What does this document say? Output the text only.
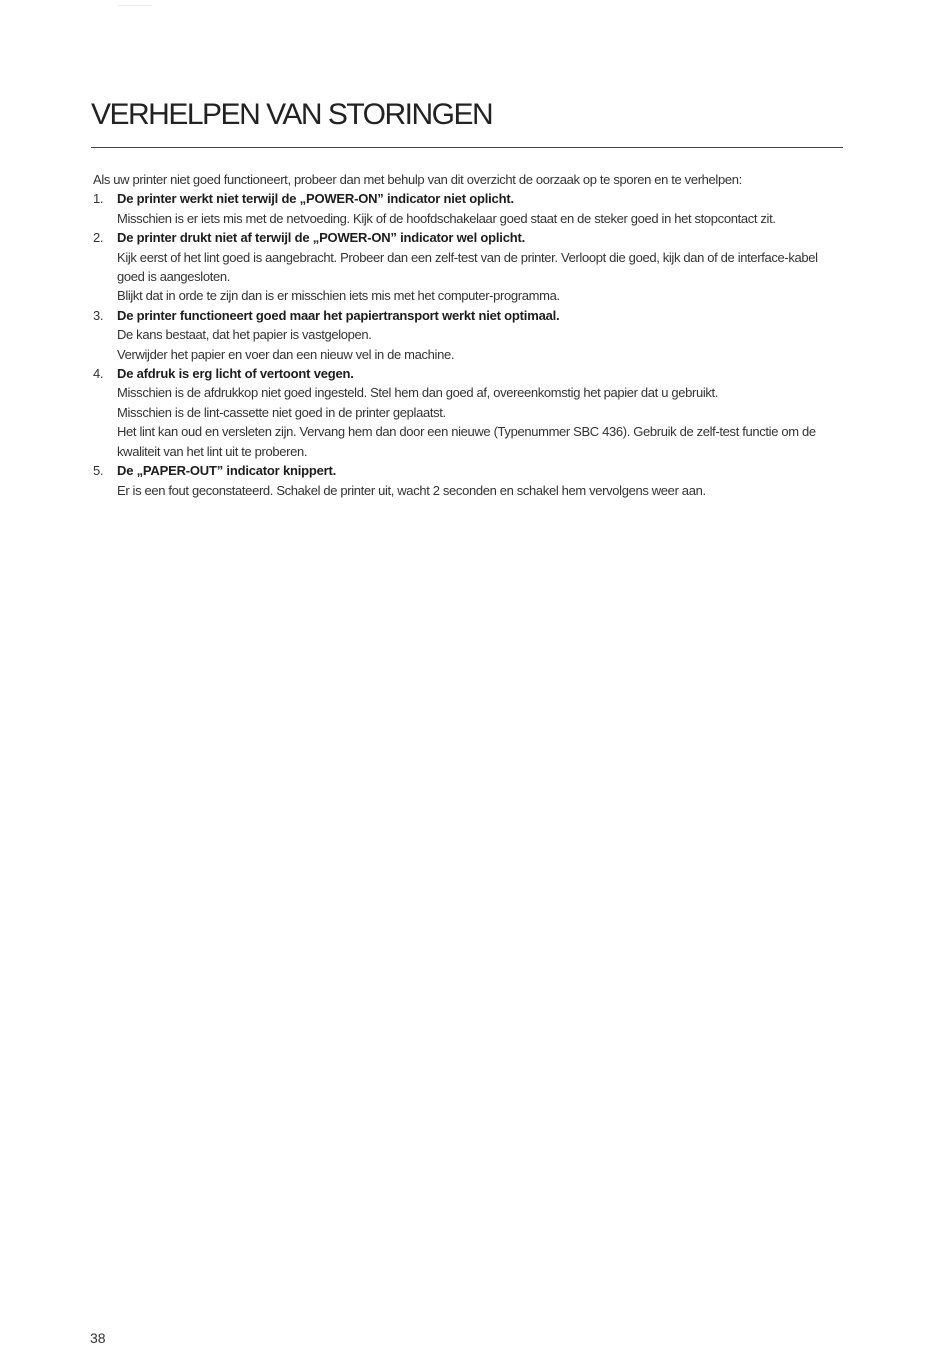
VERHELPEN VAN STORINGEN

Als uw printer niet goed functioneert, probeer dan met behulp van dit overzicht de oorzaak op te sporen en te verhelpen:

1.	De printer werkt niet terwijl de „POWER-ON” indicator niet oplicht.

Misschien is er iets mis met de netvoeding. Kijk of de hoofdschakelaar goed staat en de steker goed in het stopcontact zit.

2.	De printer drukt niet af terwijl de „POWER-ON” indicator wel oplicht.

Kijk eerst of het lint goed is aangebracht. Probeer dan een zelf-test van de printer. Verloopt die goed, kijk dan of de interface-kabel goed is aangesloten.

Blijkt dat in orde te zijn dan is er misschien iets mis met het computer-programma.

3.	De printer functioneert goed maar het papiertransport werkt niet optimaal.

De kans bestaat, dat het papier is vastgelopen.

Verwijder het papier en voer dan een nieuw vel in de machine.

4.	De afdruk is erg licht of vertoont vegen.

Misschien is de afdrukkop niet goed ingesteld. Stel hem dan goed af, overeenkomstig het papier dat u gebruikt.

Misschien is de lint-cassette niet goed in de printer geplaatst.

Het lint kan oud en versleten zijn. Vervang hem dan door een nieuwe (Typenummer SBC 436). Gebruik de zelf-test functie om de kwaliteit van het lint uit te proberen.

5.	De „PAPER-OUT” indicator knippert.

Er is een fout geconstateerd. Schakel de printer uit, wacht 2 seconden en schakel hem vervolgens weer aan.

38
